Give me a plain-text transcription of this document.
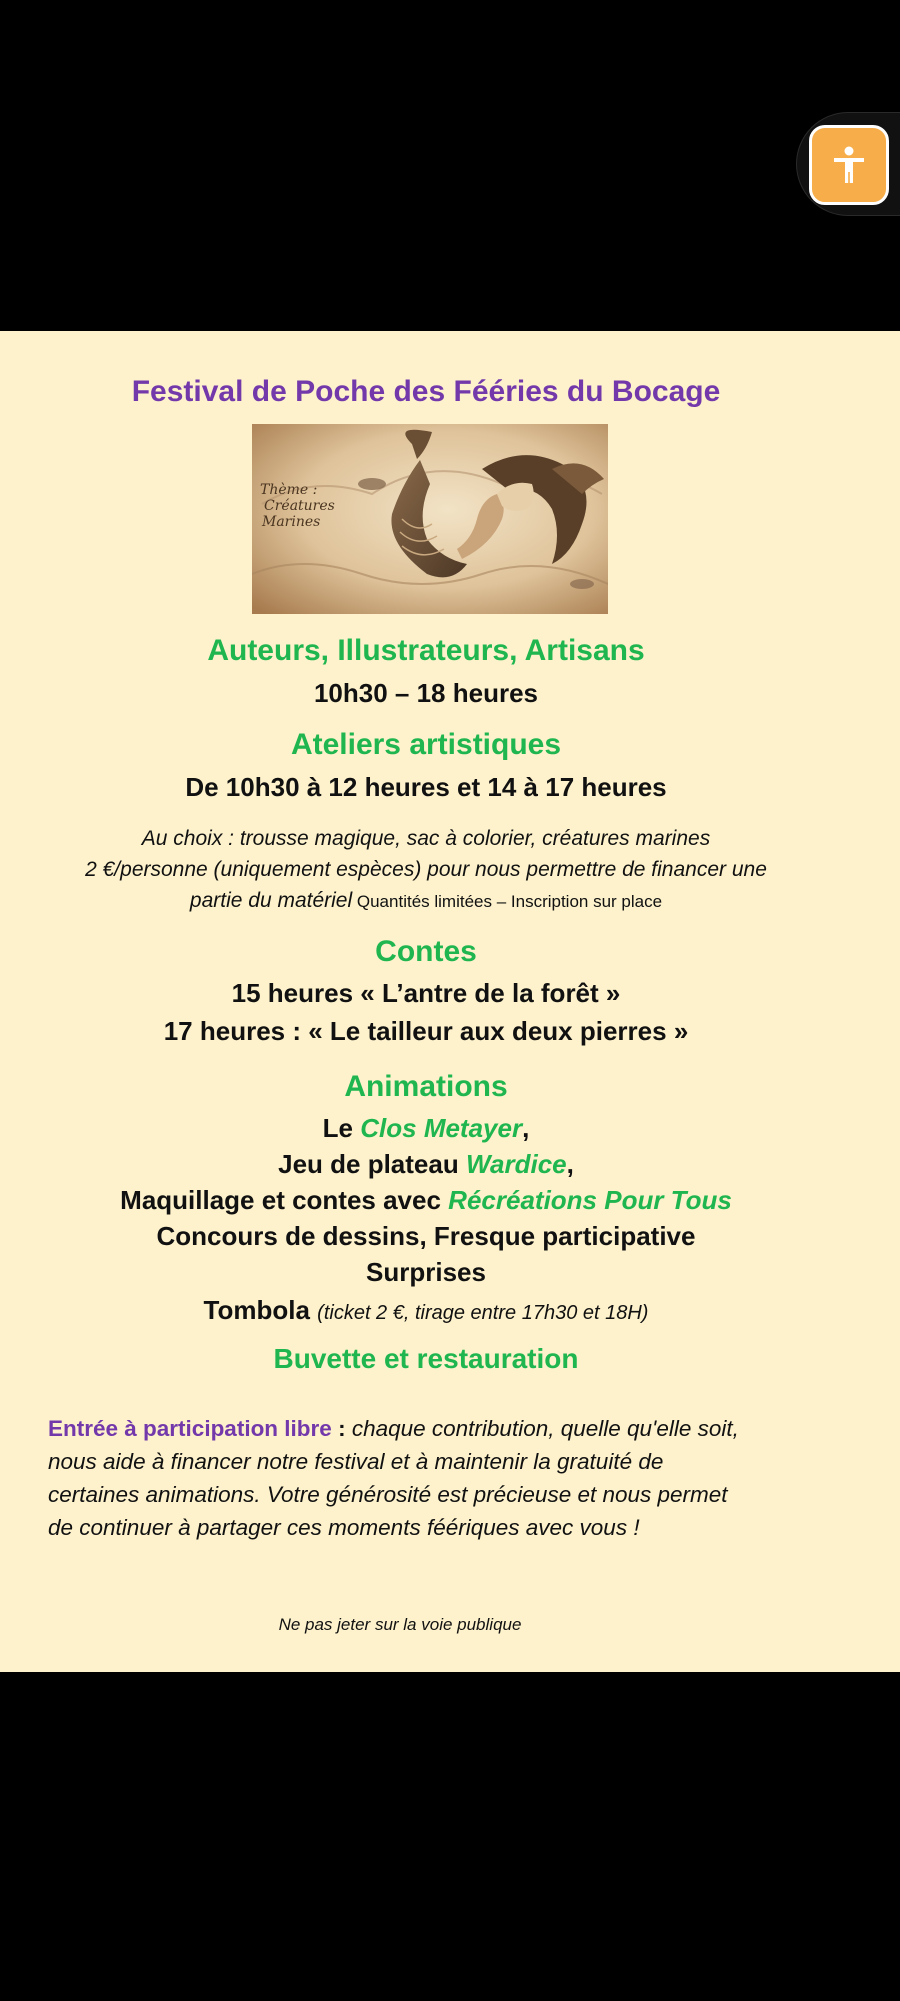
Festival de Poche des Fééries du Bocage
Auteurs, Illustrateurs, Artisans
10h30 – 18 heures
Ateliers artistiques
De 10h30 à 12 heures et 14 à 17 heures
Au choix : trousse magique, sac à colorier, créatures marines
2 €/personne (uniquement espèces) pour nous permettre de financer une
partie du matériel Quantités limitées – Inscription sur place
Contes
15 heures « L’antre de la forêt »
17 heures : « Le tailleur aux deux pierres »
Animations
Le Clos Metayer,
Jeu de plateau Wardice,
Maquillage et contes avec Récréations Pour Tous
Concours de dessins, Fresque participative
Surprises
Tombola (ticket 2 €, tirage entre 17h30 et 18H)
Buvette et restauration
Entrée à participation libre : chaque contribution, quelle qu'elle soit,
nous aide à financer notre festival et à maintenir la gratuité de
certaines animations. Votre générosité est précieuse et nous permet
de continuer à partager ces moments féériques avec vous !
Ne pas jeter sur la voie publique
Thème :
Créatures
Marines
